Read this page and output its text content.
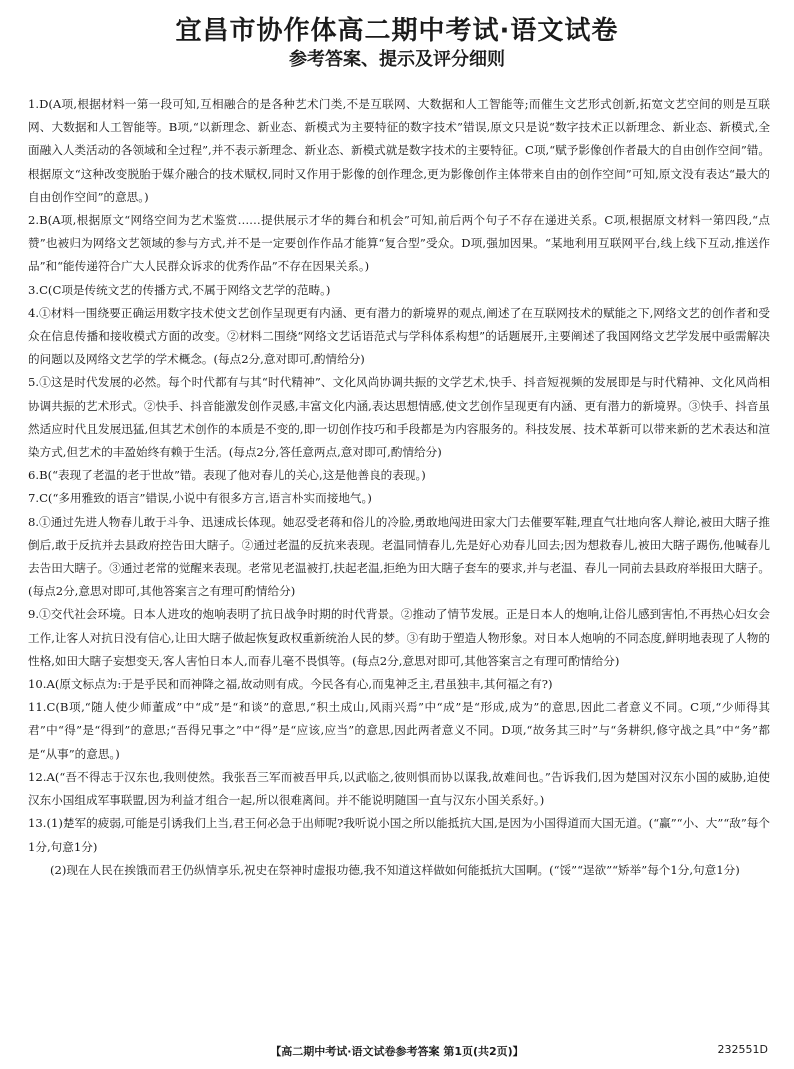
宜昌市协作体高二期中考试·语文试卷
参考答案、提示及评分细则

1.D(A项,根据材料一第一段可知,互相融合的是各种艺术门类,不是互联网、大数据和人工智能等;而催生文艺形式创新,拓宽文艺空间的则是互联网、大数据和人工智能等。B项,“以新理念、新业态、新模式为主要特征的数字技术”错误,原文只是说“数字技术正以新理念、新业态、新模式,全面融入人类活动的各领域和全过程”,并不表示新理念、新业态、新模式就是数字技术的主要特征。C项,“赋予影像创作者最大的自由创作空间”错。根据原文“这种改变脱胎于媒介融合的技术赋权,同时又作用于影像的创作理念,更为影像创作主体带来自由的创作空间”可知,原文没有表达“最大的自由创作空间”的意思。)

2.B(A项,根据原文“网络空间为艺术鉴赏……提供展示才华的舞台和机会”可知,前后两个句子不存在递进关系。C项,根据原文材料一第四段,“点赞”也被归为网络文艺领域的参与方式,并不是一定要创作作品才能算“复合型”受众。D项,强加因果。“某地利用互联网平台,线上线下互动,推送作品”和“能传递符合广大人民群众诉求的优秀作品”不存在因果关系。)

3.C(C项是传统文艺的传播方式,不属于网络文艺学的范畴。)

4.①材料一围绕要正确运用数字技术使文艺创作呈现更有内涵、更有潜力的新境界的观点,阐述了在互联网技术的赋能之下,网络文艺的创作者和受众在信息传播和接收模式方面的改变。②材料二围绕“网络文艺话语范式与学科体系构想”的话题展开,主要阐述了我国网络文艺学发展中亟需解决的问题以及网络文艺学的学术概念。(每点2分,意对即可,酌情给分)

5.①这是时代发展的必然。每个时代都有与其“时代精神”、文化风尚协调共振的文学艺术,快手、抖音短视频的发展即是与时代精神、文化风尚相协调共振的艺术形式。②快手、抖音能激发创作灵感,丰富文化内涵,表达思想情感,使文艺创作呈现更有内涵、更有潜力的新境界。③快手、抖音虽然适应时代且发展迅猛,但其艺术创作的本质是不变的,即一切创作技巧和手段都是为内容服务的。科技发展、技术革新可以带来新的艺术表达和渲染方式,但艺术的丰盈始终有赖于生活。(每点2分,答任意两点,意对即可,酌情给分)

6.B(“表现了老温的老于世故”错。表现了他对春儿的关心,这是他善良的表现。)

7.C(“多用雅致的语言”错误,小说中有很多方言,语言朴实而接地气。)

8.①通过先进人物春儿敢于斗争、迅速成长体现。她忍受老蒋和俗儿的冷脸,勇敢地闯进田家大门去催要军鞋,理直气壮地向客人辩论,被田大瞎子推倒后,敢于反抗并去县政府控告田大瞎子。②通过老温的反抗来表现。老温同情春儿,先是好心劝春儿回去;因为想救春儿,被田大瞎子踢伤,他喊春儿去告田大瞎子。③通过老常的觉醒来表现。老常见老温被打,扶起老温,拒绝为田大瞎子套车的要求,并与老温、春儿一同前去县政府举报田大瞎子。(每点2分,意思对即可,其他答案言之有理可酌情给分)

9.①交代社会环境。日本人进攻的炮响表明了抗日战争时期的时代背景。②推动了情节发展。正是日本人的炮响,让俗儿感到害怕,不再热心妇女会工作,让客人对抗日没有信心,让田大瞎子做起恢复政权重新统治人民的梦。③有助于塑造人物形象。对日本人炮响的不同态度,鲜明地表现了人物的性格,如田大瞎子妄想变天,客人害怕日本人,而春儿毫不畏惧等。(每点2分,意思对即可,其他答案言之有理可酌情给分)

10.A(原文标点为:于是乎民和而神降之福,故动则有成。今民各有心,而鬼神乏主,君虽独丰,其何福之有?)

11.C(B项,“随人使少师董成”中“成”是“和谈”的意思,“积土成山,风雨兴焉”中“成”是“形成,成为”的意思,因此二者意义不同。C项,“少师得其君”中“得”是“得到”的意思;“吾得兄事之”中“得”是“应该,应当”的意思,因此两者意义不同。D项,“故务其三时”与“务耕织,修守战之具”中“务”都是“从事”的意思。)

12.A(“吾不得志于汉东也,我则使然。我张吾三军而被吾甲兵,以武临之,彼则惧而协以谋我,故难间也。”告诉我们,因为楚国对汉东小国的威胁,迫使汉东小国组成军事联盟,因为利益才组合一起,所以很难离间。并不能说明随国一直与汉东小国关系好。)

13.(1)楚军的疲弱,可能是引诱我们上当,君王何必急于出师呢?我听说小国之所以能抵抗大国,是因为小国得道而大国无道。(“赢”“小、大”“敌”每个1分,句意1分)

(2)现在人民在挨饿而君王仍纵情享乐,祝史在祭神时虚报功德,我不知道这样做如何能抵抗大国啊。(“馁”“逞欲”“矫举”每个1分,句意1分)

【高二期中考试·语文试卷参考答案 第1页(共2页)】	232551D
